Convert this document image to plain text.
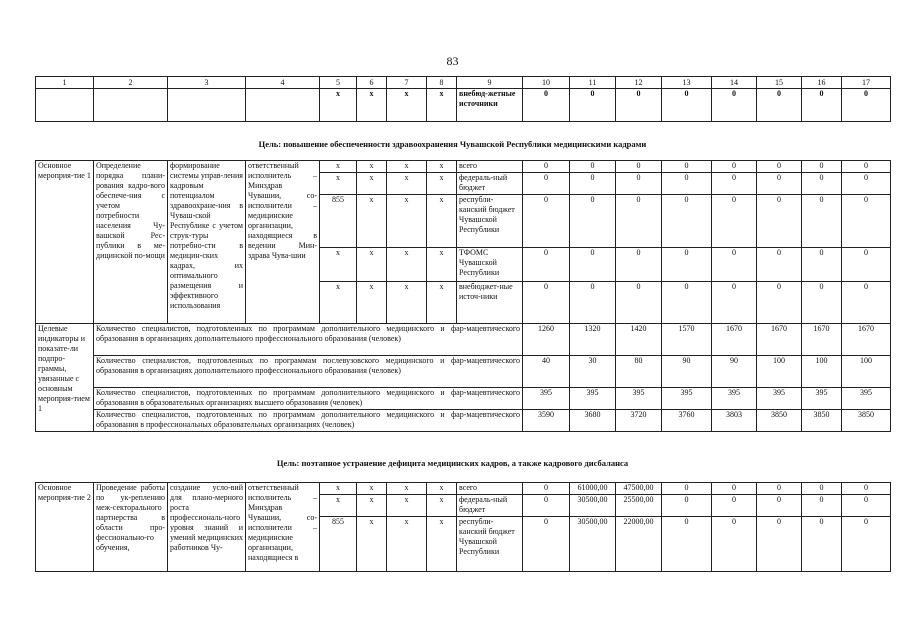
83
1	2	3	4	5	6	7	8	9	10	11	12	13	14	15	16	17
				x	x	x	x	внебюд-жетные источники	0	0	0	0	0	0	0	0
Цель: повышение обеспеченности здравоохранения Чувашской Республики медицинскими кадрами
Основное мероприя-тие 1	Определение порядка плани-рования кадро-вого обеспече-ния с учетом потребности населения Чу-вашской Рес-публики в ме-дицинской по-мощи	формирование системы управ-ления кадровым потенциалом здравоохране-ния в Чуваш-ской Республике с учетом струк-туры потребно-сти в медицин-ских кадрах, их оптимального размещения и эффективного использования	ответственный исполнитель – Минздрав Чувашии, со-исполнители – медицинские организации, находящиеся в ведении Мин-здрава Чува-шии	x	x	x	x	всего	0	0	0	0	0	0	0	0
				x	x	x	x	федераль-ный бюджет	0	0	0	0	0	0	0	0
				855	x	x	x	республи-канский бюджет Чувашской Республики	0	0	0	0	0	0	0	0
				x	x	x	x	ТФОМС Чувашской Республики	0	0	0	0	0	0	0	0
				x	x	x	x	внебюджет-ные источ-ники	0	0	0	0	0	0	0	0
Целевые индикаторы и показате-ли подпро-граммы, увязанные с основным мероприя-тием 1	Количество специалистов, подготовленных по программам дополнительного медицинского и фар-мацевтического образования в организациях дополнительного профессионального образования (человек)								1260	1320	1420	1570	1670	1670	1670	1670
	Количество специалистов, подготовленных по программам послевузовского медицинского и фар-мацевтического образования в организациях дополнительного профессионального образования (человек)								40	30	80	90	90	100	100	100
	Количество специалистов, подготовленных по программам дополнительного медицинского и фар-мацевтического образования в образовательных организациях высшего образования (человек)								395	395	395	395	395	395	395	395
	Количество специалистов, подготовленных по программам дополнительного медицинского и фар-мацевтического образования в профессиональных образовательных организациях (человек)								3590	3680	3720	3760	3803	3850	3850	3850
Цель: поэтапное устранение дефицита медицинских кадров, а также кадрового дисбаланса
Основное мероприя-тие 2	Проведение работы по ук-реплению меж-секторального партнерства в области про-фессионально-го обучения,	создание усло-вий для плано-мерного роста профессиональ-ного уровня знаний и умений медицинских работников Чу-	ответственный исполнитель – Минздрав Чувашии, со-исполнители – медицинские организации, находящиеся в	x	x	x	x	всего	0	61000,00	47500,00	0	0	0	0	0
				x	x	x	x	федераль-ный бюджет	0	30500,00	25500,00	0	0	0	0	0
				855	x	x	x	республи-канский бюджет Чувашской Республики	0	30500,00	22000,00	0	0	0	0	0
